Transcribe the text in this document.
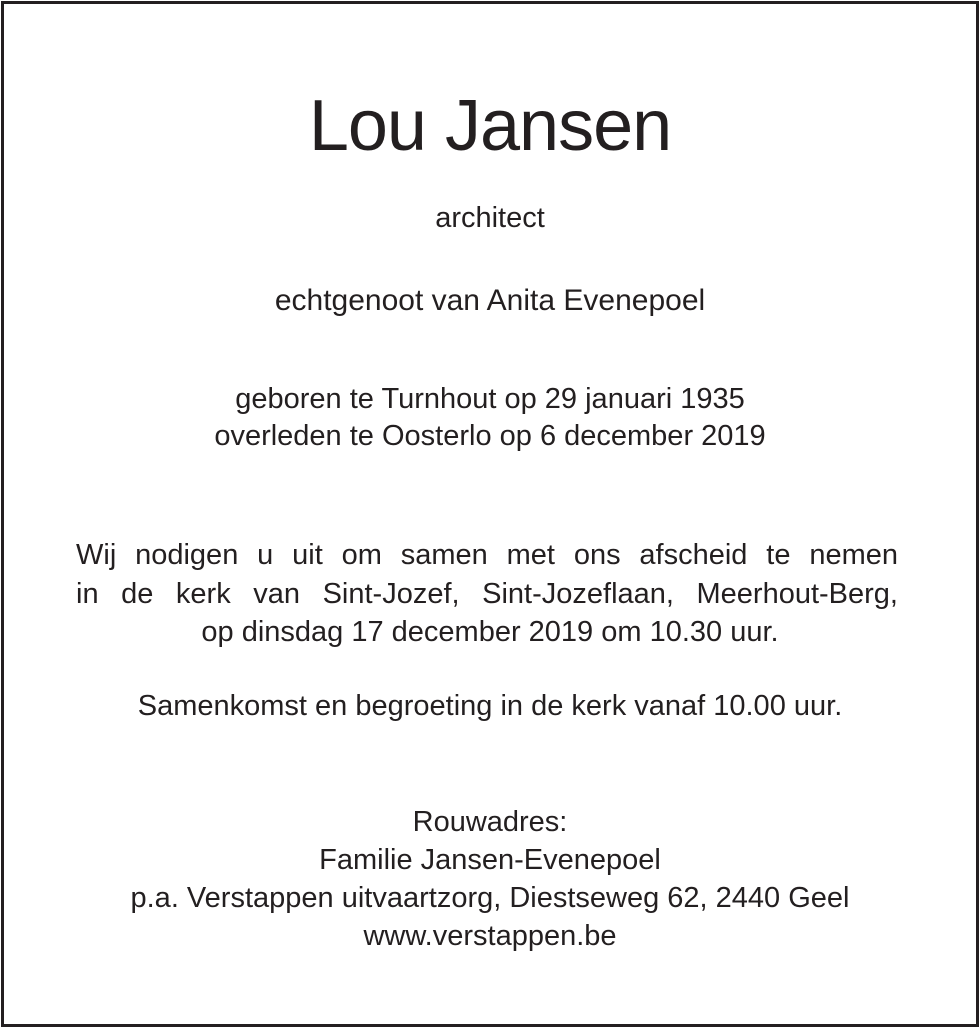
Lou Jansen
architect
echtgenoot van Anita Evenepoel
geboren te Turnhout op 29 januari 1935
overleden te Oosterlo op 6 december 2019
Wij nodigen u uit om samen met ons afscheid te nemen
in de kerk van Sint-Jozef, Sint-Jozeflaan, Meerhout-Berg,
op dinsdag 17 december 2019 om 10.30 uur.
Samenkomst en begroeting in de kerk vanaf 10.00 uur.
Rouwadres:
Familie Jansen-Evenepoel
p.a. Verstappen uitvaartzorg, Diestseweg 62, 2440 Geel
www.verstappen.be
